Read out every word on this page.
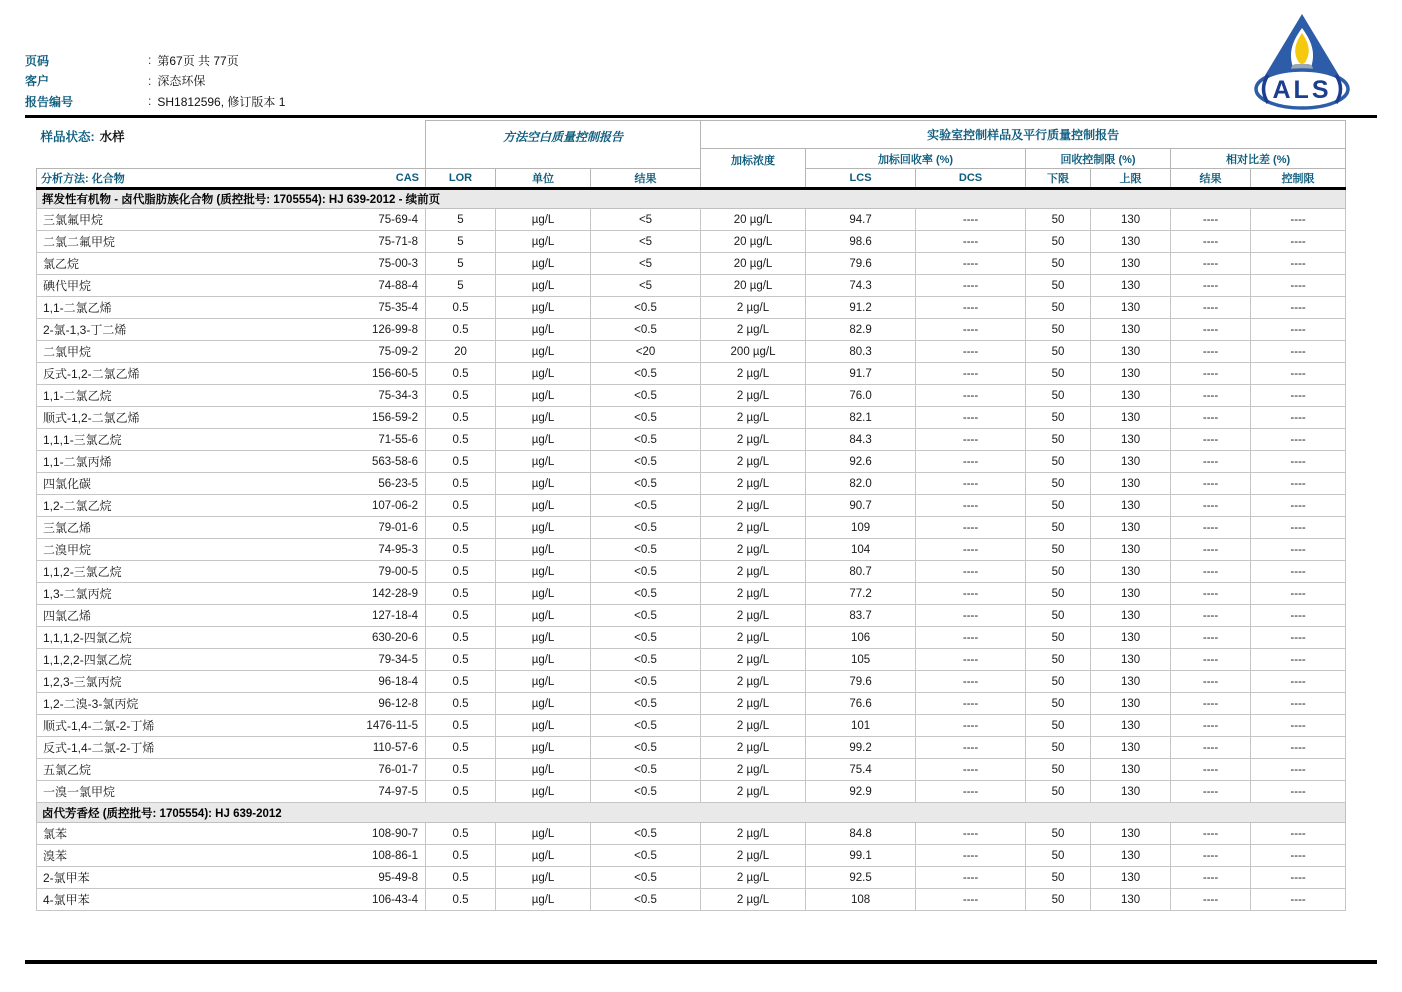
页码	: 第67页 共 77页
客户	: 深态环保
报告编号	: SH1812596, 修订版本 1	ALS
样品状态: 水样		方法空白质量控制报告			实验室控制样品及平行质量控制报告						
					加标浓度	加标回收率 (%)		回收控制限 (%)		相对比差 (%)	

分析方法: 化合物 CAS		LOR	单位	结果		LCS	DCS	下限	上限	结果	控制限
挥发性有机物 - 卤代脂肪族化合物 (质控批号: 1705554): HJ 639-2012 - 续前页											
三氯氟甲烷	75-69-4	5	µg/L	<5	20 µg/L	94.7	----	50	130	----	----
二氯二氟甲烷	75-71-8	5	µg/L	<5	20 µg/L	98.6	----	50	130	----	----
氯乙烷	75-00-3	5	µg/L	<5	20 µg/L	79.6	----	50	130	----	----
碘代甲烷	74-88-4	5	µg/L	<5	20 µg/L	74.3	----	50	130	----	----
1,1-二氯乙烯	75-35-4	0.5	µg/L	<0.5	2 µg/L	91.2	----	50	130	----	----
2-氯-1,3-丁二烯	126-99-8	0.5	µg/L	<0.5	2 µg/L	82.9	----	50	130	----	----
二氯甲烷	75-09-2	20	µg/L	<20	200 µg/L	80.3	----	50	130	----	----
反式-1,2-二氯乙烯	156-60-5	0.5	µg/L	<0.5	2 µg/L	91.7	----	50	130	----	----
1,1-二氯乙烷	75-34-3	0.5	µg/L	<0.5	2 µg/L	76.0	----	50	130	----	----
顺式-1,2-二氯乙烯	156-59-2	0.5	µg/L	<0.5	2 µg/L	82.1	----	50	130	----	----
1,1,1-三氯乙烷	71-55-6	0.5	µg/L	<0.5	2 µg/L	84.3	----	50	130	----	----
1,1-二氯丙烯	563-58-6	0.5	µg/L	<0.5	2 µg/L	92.6	----	50	130	----	----
四氯化碳	56-23-5	0.5	µg/L	<0.5	2 µg/L	82.0	----	50	130	----	----
1,2-二氯乙烷	107-06-2	0.5	µg/L	<0.5	2 µg/L	90.7	----	50	130	----	----
三氯乙烯	79-01-6	0.5	µg/L	<0.5	2 µg/L	109	----	50	130	----	----
二溴甲烷	74-95-3	0.5	µg/L	<0.5	2 µg/L	104	----	50	130	----	----
1,1,2-三氯乙烷	79-00-5	0.5	µg/L	<0.5	2 µg/L	80.7	----	50	130	----	----
1,3-二氯丙烷	142-28-9	0.5	µg/L	<0.5	2 µg/L	77.2	----	50	130	----	----
四氯乙烯	127-18-4	0.5	µg/L	<0.5	2 µg/L	83.7	----	50	130	----	----
1,1,1,2-四氯乙烷	630-20-6	0.5	µg/L	<0.5	2 µg/L	106	----	50	130	----	----
1,1,2,2-四氯乙烷	79-34-5	0.5	µg/L	<0.5	2 µg/L	105	----	50	130	----	----
1,2,3-三氯丙烷	96-18-4	0.5	µg/L	<0.5	2 µg/L	79.6	----	50	130	----	----
1,2-二溴-3-氯丙烷	96-12-8	0.5	µg/L	<0.5	2 µg/L	76.6	----	50	130	----	----
顺式-1,4-二氯-2-丁烯	1476-11-5	0.5	µg/L	<0.5	2 µg/L	101	----	50	130	----	----
反式-1,4-二氯-2-丁烯	110-57-6	0.5	µg/L	<0.5	2 µg/L	99.2	----	50	130	----	----
五氯乙烷	76-01-7	0.5	µg/L	<0.5	2 µg/L	75.4	----	50	130	----	----
一溴一氯甲烷	74-97-5	0.5	µg/L	<0.5	2 µg/L	92.9	----	50	130	----	----
卤代芳香烃 (质控批号: 1705554): HJ 639-2012											
氯苯	108-90-7	0.5	µg/L	<0.5	2 µg/L	84.8	----	50	130	----	----
溴苯	108-86-1	0.5	µg/L	<0.5	2 µg/L	99.1	----	50	130	----	----
2-氯甲苯	95-49-8	0.5	µg/L	<0.5	2 µg/L	92.5	----	50	130	----	----
4-氯甲苯	106-43-4	0.5	µg/L	<0.5	2 µg/L	108	----	50	130	----	----
